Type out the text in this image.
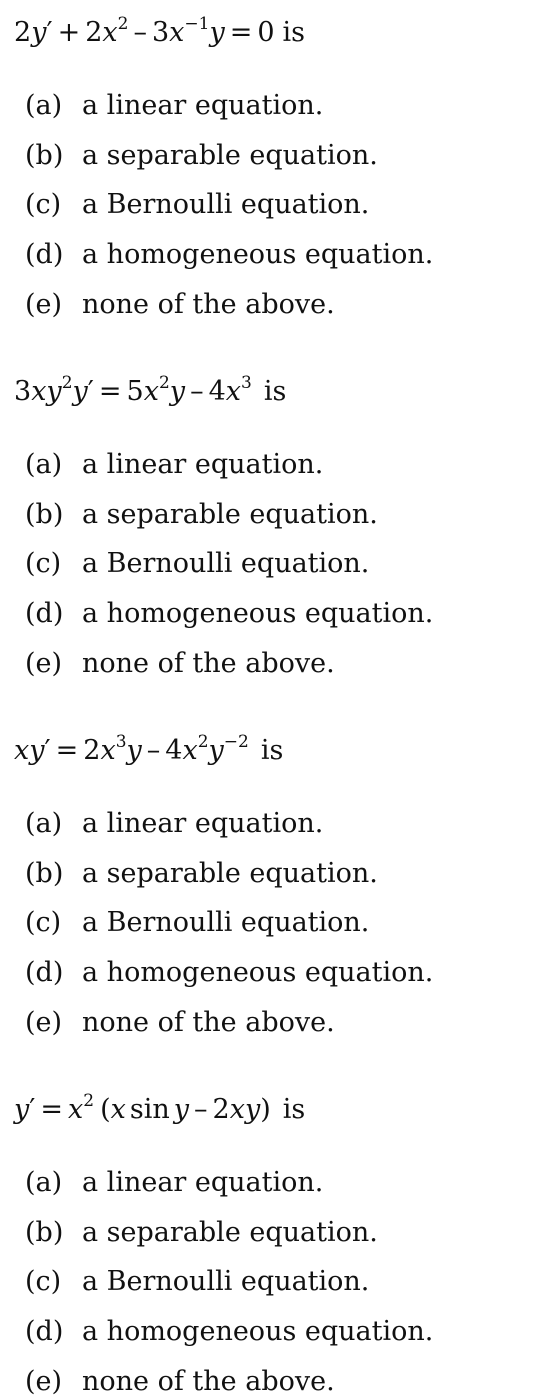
$2y' + 2x^2 - 3x^{-1}y = 0$ is
(a) a linear equation.
(b) a separable equation.
(c) a Bernoulli equation.
(d) a homogeneous equation.
(e) none of the above.
$3xy^2y' = 5x^2y - 4x^3$ is
(a) a linear equation.
(b) a separable equation.
(c) a Bernoulli equation.
(d) a homogeneous equation.
(e) none of the above.
$xy' = 2x^3y - 4x^2y^{-2}$ is
(a) a linear equation.
(b) a separable equation.
(c) a Bernoulli equation.
(d) a homogeneous equation.
(e) none of the above.
$y' = x^2$ (x sin y – 2xy) is
(a) a linear equation.
(b) a separable equation.
(c) a Bernoulli equation.
(d) a homogeneous equation.
(e) none of the above.
